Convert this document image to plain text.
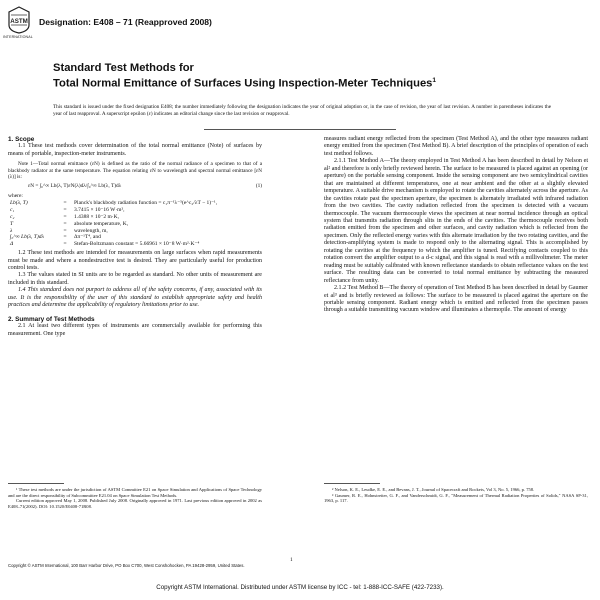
ASTM
INTERNATIONAL
Designation: E408 – 71 (Reapproved 2008)
Standard Test Methods for
Total Normal Emittance of Surfaces Using Inspection-Meter Techniques$^1$
This standard is issued under the fixed designation E408; the number immediately following the designation indicates the year of original adoption or, in the case of revision, the year of last revision. A number in parentheses indicates the year of last reapproval. A superscript epsilon (ε) indicates an editorial change since the last revision or reapproval.

1. Scope

1.1 These test methods cover determination of the total normal emittance (Note) of surfaces by means of portable, inspection-meter instruments.

Note 1—Total normal emittance (εN) is defined as the ratio of the normal radiance of a specimen to that of a blackbody radiator at the same temperature. The equation relating εN to wavelength and spectral normal emittance [εN (λ)] is:

εN = ∫₀^∞ Lb(λ, T)εN(λ)dλ/∫₀^∞ Lb(λ, T)dλ	(1)

where:

Lb(λ, T)	=	Planck's blackbody radiation function = c₁π⁻¹λ⁻⁵(e^c₂/λT − 1)⁻¹,
c₁	=	3.7415 × 10⁻16 W·m²,
c₂	=	1.4388 × 10⁻2 m·K,
T	=	absolute temperature, K,
λ	=	wavelength, m,
∫₀^∞ Lb(λ, T)dλ	=	Δπ⁻¹T⁴, and
Δ	=	Stefan-Boltzmann constant = 5.66961 × 10⁻8 W·m²·K⁻⁴

1.2 These test methods are intended for measurements on large surfaces when rapid measurements must be made and where a nondestructive test is desired. They are particularly useful for production control tests.

1.3 The values stated in SI units are to be regarded as standard. No other units of measurement are included in this standard.

1.4 This standard does not purport to address all of the safety concerns, if any, associated with its use. It is the responsibility of the user of this standard to establish appropriate safety and health practices and determine the applicability of regulatory limitations prior to use.

2. Summary of Test Methods

2.1 At least two different types of instruments are commercially available for performing this measurement. One type

measures radiant energy reflected from the specimen (Test Method A), and the other type measures radiant energy emitted from the specimen (Test Method B). A brief description of the principles of operation of each test method follows.

2.1.1 Test Method A—The theory employed in Test Method A has been described in detail by Nelson et al² and therefore is only briefly reviewed herein. The surface to be measured is placed against an opening (or aperture) on the portable sensing component. Inside the sensing component are two semicylindrical cavities that are maintained at different temperatures, one at near ambient and the other at a slightly elevated temperature. A suitable drive mechanism is employed to rotate the cavities alternately across the aperture. As the cavities rotate past the specimen aperture, the specimen is alternately irradiated with infrared radiation from the two cavities. The cavity radiation reflected from the specimen is detected with a vacuum thermocouple. The vacuum thermocouple views the specimen at near normal incidence through an optical system that transmits radiation through slits in the ends of the cavities. The thermocouple receives both radiation emitted from the specimen and other surfaces, and cavity radiation which is reflected from the specimen. Only the reflected energy varies with this alternate irradiation by the two rotating cavities, and the detection-amplifying system is made to respond only to the alternating signal. This is accomplished by rotating the cavities at the frequency to which the amplifier is tuned. Rectifying contacts coupled to this rotation convert the amplifier output to a d-c signal, and this signal is read with a millivoltmeter. The meter reading must be suitably calibrated with known reflectance standards to obtain reflectance values on the test surface. The resulting data can be converted to total normal emittance by subtracting the measured reflectance from unity.

2.1.2 Test Method B—The theory of operation of Test Method B has been described in detail by Gaumer et al³ and is briefly reviewed as follows: The surface to be measured is placed against the aperture on the portable sensing component. Radiant energy which is emitted and reflected from the specimen passes through a suitable transmitting vacuum window and illuminates a thermopile. The amount of energy

¹ These test methods are under the jurisdiction of ASTM Committee E21 on Space Simulation and Applications of Space Technology and are the direct responsibility of Subcommittee E21.04 on Space Simulation Test Methods.

Current edition approved May 1, 2008. Published July 2008. Originally approved in 1971. Last previous edition approved in 2002 as E408–71(2002). DOI: 10.1520/E0408-71R08.

² Nelson, K. E., Leudke, E. E., and Bevans, J. T., Journal of Spacecraft and Rockets, Vol 3, No. 5, 1966, p. 758.

³ Gaumer, R. E., Hohnstreiter, G. F., and Vanderschmidt, G. F., "Measurement of Thermal Radiation Properties of Solids," NASA SP-31, 1963, p. 117.

Copyright © ASTM International, 100 Barr Harbor Drive, PO Box C700, West Conshohocken, PA 19428-2959, United States.
1
Copyright ASTM International. Distributed under ASTM license by ICC - tel: 1-888-ICC-SAFE (422-7233).
